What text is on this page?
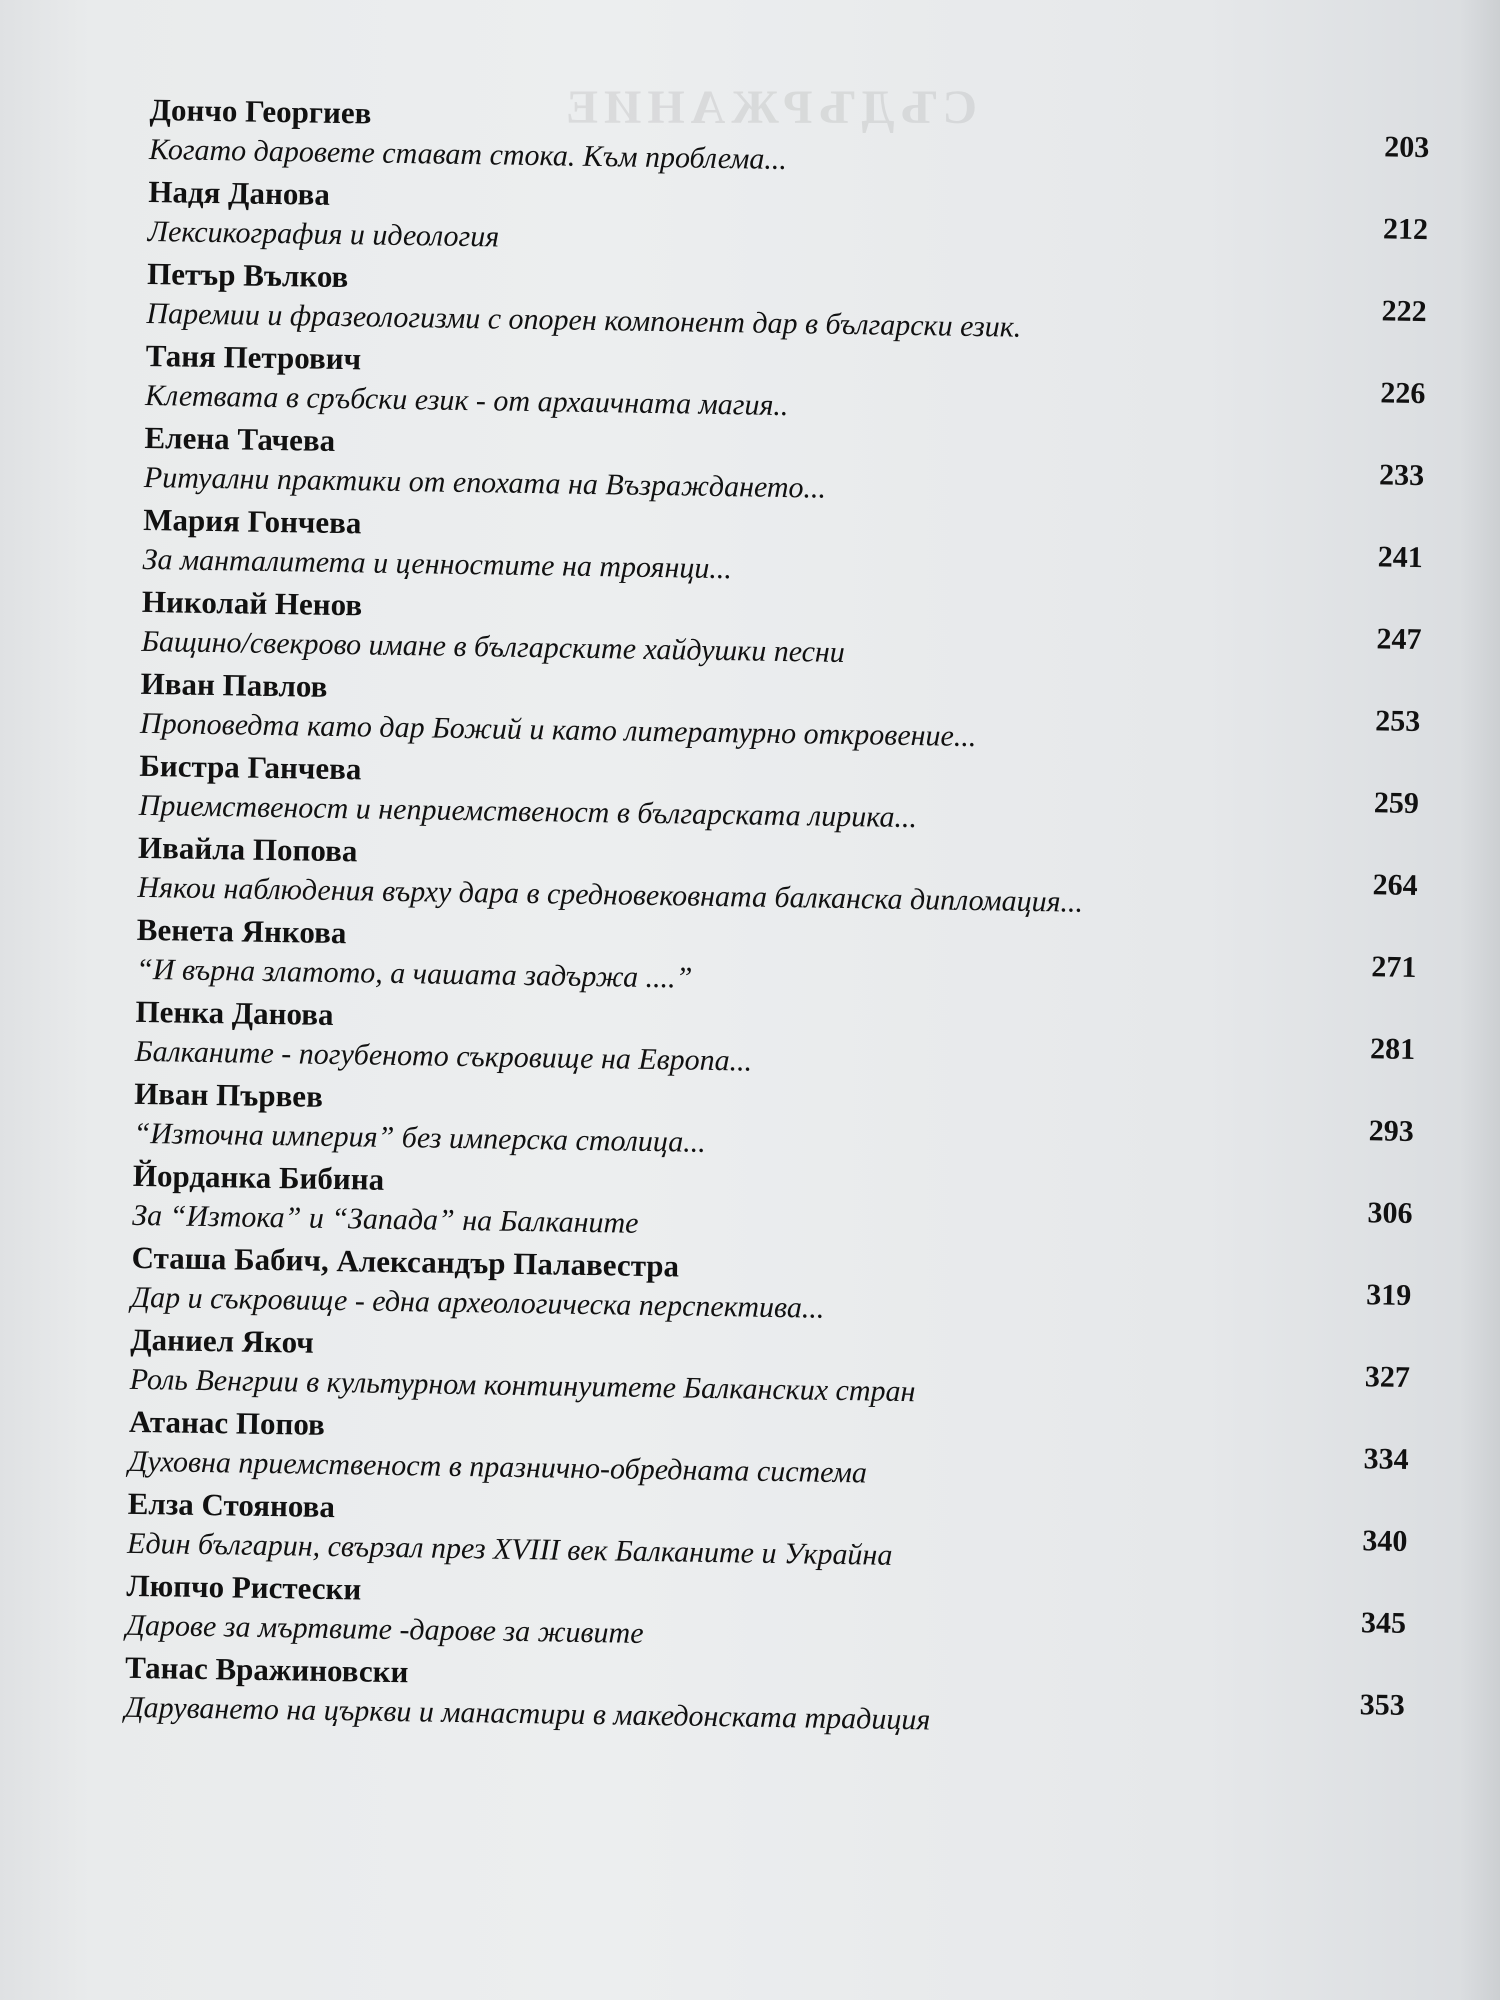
СЪДЪРЖАНИЕ
Дончо Георгиев
Когато даровете стават стока. Към проблема...	203
Надя Данова
Лексикография и идеология	212
Петър Вълков
Паремии и фразеологизми с опорен компонент дар в български език.	222
Таня Петрович
Клетвата в сръбски език - от архаичната магия..	226
Елена Тачева
Ритуални практики от епохата на Възраждането...	233
Мария Гончева
За манталитета и ценностите на троянци...	241
Николай Ненов
Бащино/свекрово имане в българските хайдушки песни	247
Иван Павлов
Проповедта като дар Божий и като литературно откровение...	253
Бистра Ганчева
Приемственост и неприемственост в българската лирика...	259
Ивайла Попова
Някои наблюдения върху дара в средновековната балканска дипломация...	264
Венета Янкова
“И върна златото, а чашата задържа ....”	271
Пенка Данова
Балканите - погубеното съкровище на Европа...	281
Иван Първев
“Източна империя” без имперска столица...	293
Йорданка Бибина
За “Изтока” и “Запада” на Балканите	306
Сташа Бабич, Александър Палавестра
Дар и съкровище - една археологическа перспектива...	319
Даниел Якоч
Роль Венгрии в культурном континуитете Балканских стран	327
Атанас Попов
Духовна приемственост в празнично-обредната система	334
Елза Стоянова
Един българин, свързал през XVIII век Балканите и Украйна	340
Люпчо Ристески
Дарове за мъртвите -дарове за живите	345
Танас Вражиновски
Даруването на църкви и манастири в македонската традиция	353
